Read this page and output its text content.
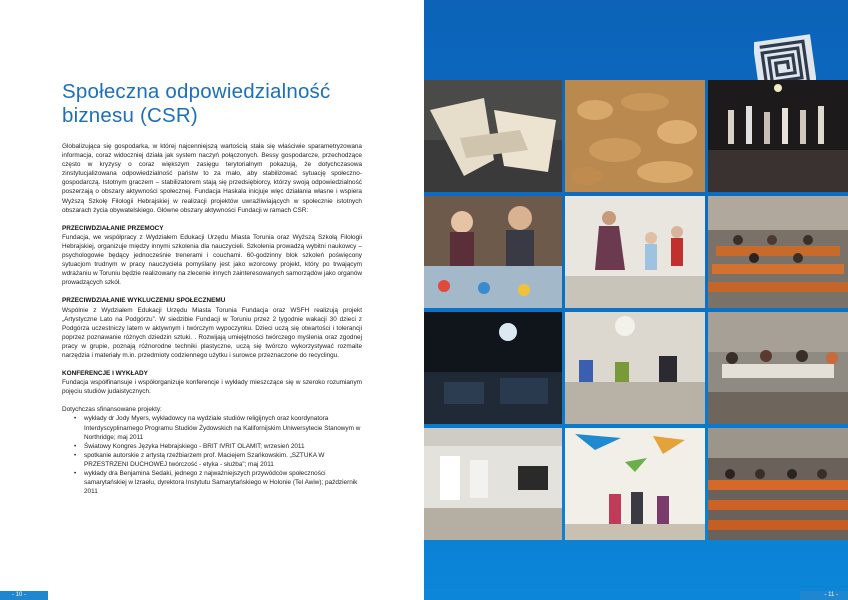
Społeczna odpowiedzialność biznesu (CSR)

Globalizująca się gospodarka, w której najcenniejszą wartością stała się właściwie sparametryzowana informacja, coraz widoczniej działa jak system naczyń połączonych. Bessy gospodarcze, przechodzące często w kryzysy o coraz większym zasięgu terytorialnym pokazują, że dotychczasowa zinstytucjalizowana odpowiedzialność państw to za mało, aby stabilizować sytuację społeczno-gospodarczą. Istotnym graczem – stabilizatorem stają się przedsiębiorcy, którzy swoją odpowiedzialność poszerzają o obszary aktywności społecznej. Fundacja Haskala inicjuje więc działania własne i wspiera Wyższą Szkołę Filologii Hebrajskiej w realizacji projektów uwrażliwiających w społecznie istotnych obszarach życia obywatelskiego. Główne obszary aktywności Fundacji w ramach CSR:

PRZECIWDZIAŁANIE PRZEMOCY

Fundacja, we współpracy z Wydziałem Edukacji Urzędu Miasta Torunia oraz Wyższą Szkołą Filologii Hebrajskiej, organizuje między innymi szkolenia dla nauczycieli. Szkolenia prowadzą wybitni naukowcy – psychologowie będący jednocześnie trenerami i couchami. 60-godzinny blok szkoleń poświęcony sytuacjom trudnym w pracy nauczyciela pomyślany jest jako wzorcowy projekt, który po trwającym wdrażaniu w Toruniu będzie realizowany na zlecenie innych zainteresowanych samorządów jako organów prowadzących szkół.

PRZECIWDZIAŁANIE WYKLUCZENIU SPOŁECZNEMU

Wspólnie z Wydziałem Edukacji Urzędu Miasta Torunia Fundacja oraz WSFH realizują projekt „Artystyczne Lato na Podgórzu”. W siedzibie Fundacji w Toruniu przez 2 tygodnie wakacji 30 dzieci z Podgórza uczestniczy latem w aktywnym i twórczym wypoczynku. Dzieci uczą się otwartości i tolerancji poprzez poznawanie różnych dziedzin sztuki. . Rozwijają umiejętności twórczego myślenia oraz zgodnej pracy w grupie, poznają różnorodne techniki plastyczne, uczą się twórczo wykorzystywać rozmaite narzędzia i materiały m.in. przedmioty codziennego użytku i surowce przeznaczone do recyclingu.

KONFERENCJE I WYKŁADY

Fundacja współfinansuje i współorganizuje konferencje i wykłady mieszczące się w szeroko rozumianym pojęciu studiów judaistycznych.

Dotychczas sfinansowane projekty:

• wykłady dr Jody Myers, wykładowcy na wydziale studiów religijnych oraz koordynatora Interdyscyplinarnego Programu Studiów Żydowskich na Kalifornijskim Uniwersytecie Stanowym w Northridge; maj 2011
• Światowy Kongres Języka Hebrajskiego - BRIT IVRIT OLAMIT; wrzesień 2011
• spotkanie autorskie z artystą rzeźbiarzem prof. Maciejem Szańkowskim. „SZTUKA W PRZESTRZENI DUCHOWEJ twórczość - etyka - służba”; maj 2011
• wykłady dra Benjamina Sedaki, jednego z najważniejszych przywódców społeczności samarytańskiej w Izraelu, dyrektora Instytutu Samarytańskiego w Holonie (Tel Awiw); październik 2011
- 10 -	- 11 -
